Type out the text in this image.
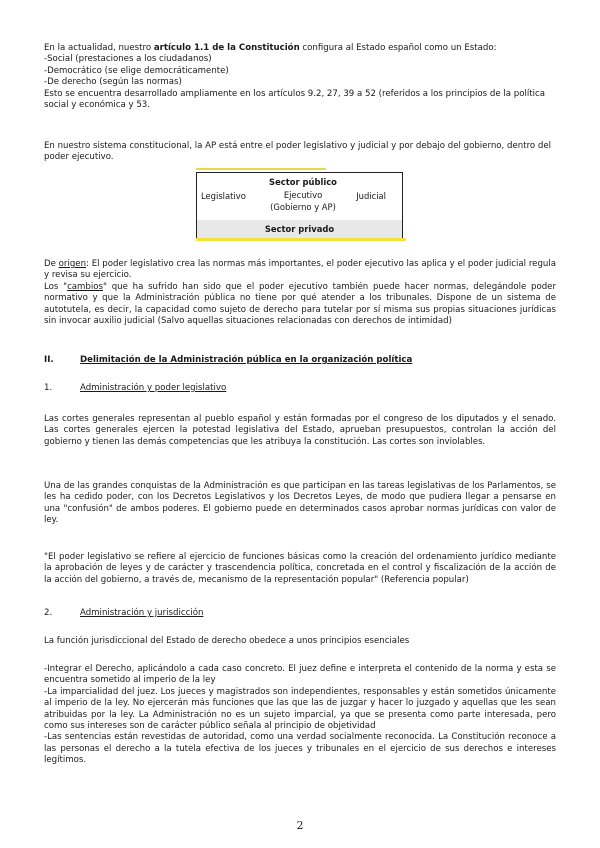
En la actualidad, nuestro artículo 1.1 de la Constitución configura al Estado español como un Estado:

-Social (prestaciones a los ciudadanos)

-Democrático (se elige democráticamente)

-De derecho (según las normas)

Esto se encuentra desarrollado ampliamente en los artículos 9.2, 27, 39 a 52 (referidos a los principios de la política social y económica y 53.

En nuestro sistema constitucional, la AP está entre el poder legislativo y judicial y por debajo del gobierno, dentro del poder ejecutivo.

Legislativo
Sector público
Ejecutivo
(Gobierno y AP)
Judicial
Sector privado

De origen: El poder legislativo crea las normas más importantes, el poder ejecutivo las aplica y el poder judicial regula y revisa su ejercicio.

Los "cambios" que ha sufrido han sido que el poder ejecutivo también puede hacer normas, delegándole poder normativo y que la Administración pública no tiene por qué atender a los tribunales. Dispone de un sistema de autotutela, es decir, la capacidad como sujeto de derecho para tutelar por sí misma sus propias situaciones jurídicas sin invocar auxilio judicial (Salvo aquellas situaciones relacionadas con derechos de intimidad)

II.	Delimitación de la Administración pública en la organización política
1.	Administración y poder legislativo

Las cortes generales representan al pueblo español y están formadas por el congreso de los diputados y el senado. Las cortes generales ejercen la potestad legislativa del Estado, aprueban presupuestos, controlan la acción del gobierno y tienen las demás competencias que les atribuya la constitución. Las cortes son inviolables.

Una de las grandes conquistas de la Administración es que participan en las tareas legislativas de los Parlamentos, se les ha cedido poder, con los Decretos Legislativos y los Decretos Leyes, de modo que pudiera llegar a pensarse en una "confusión" de ambos poderes. El gobierno puede en determinados casos aprobar normas jurídicas con valor de ley.

"El poder legislativo se refiere al ejercicio de funciones básicas como la creación del ordenamiento jurídico mediante la aprobación de leyes y de carácter y trascendencia política, concretada en el control y fiscalización de la acción de la acción del gobierno, a través de, mecanismo de la representación popular" (Referencia popular)

2.	Administración y jurisdicción

La función jurisdiccional del Estado de derecho obedece a unos principios esenciales

-Integrar el Derecho, aplicándolo a cada caso concreto. El juez define e interpreta el contenido de la norma y esta se encuentra sometido al imperio de la ley

-La imparcialidad del juez. Los jueces y magistrados son independientes, responsables y están sometidos únicamente al imperio de la ley. No ejercerán más funciones que las que las de juzgar y hacer lo juzgado y aquellas que les sean atribuidas por la ley. La Administración no es un sujeto imparcial, ya que se presenta como parte interesada, pero como sus intereses son de carácter público señala al principio de objetividad

-Las sentencias están revestidas de autoridad, como una verdad socialmente reconocida. La Constitución reconoce a las personas el derecho a la tutela efectiva de los jueces y tribunales en el ejercicio de sus derechos e intereses legítimos.

2
